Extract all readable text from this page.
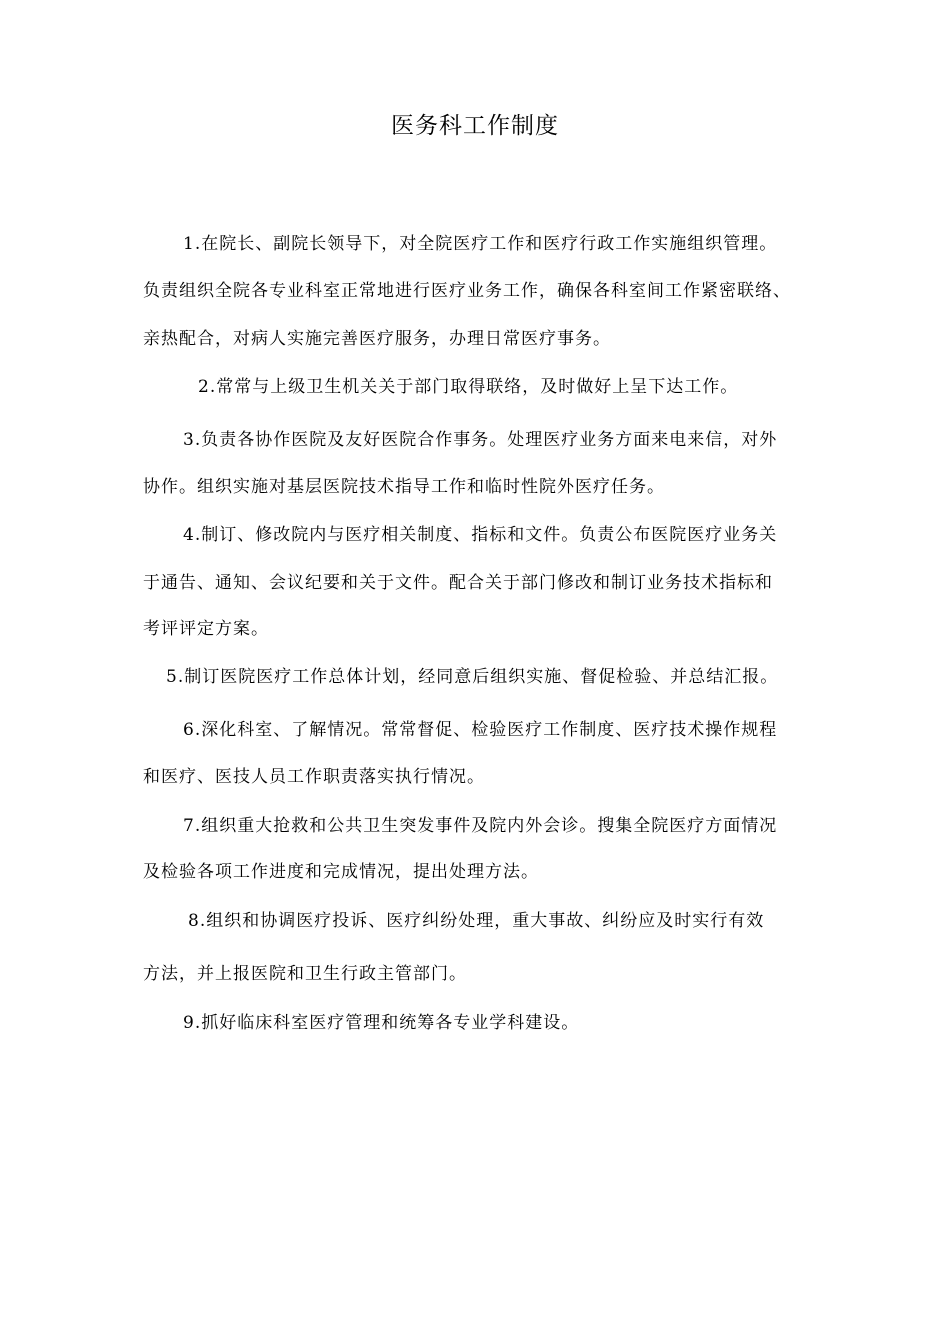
医务科工作制度
1.在院长、副院长领导下，对全院医疗工作和医疗行政工作实施组织管理。
负责组织全院各专业科室正常地进行医疗业务工作，确保各科室间工作紧密联络、
亲热配合，对病人实施完善医疗服务，办理日常医疗事务。
2.常常与上级卫生机关关于部门取得联络，及时做好上呈下达工作。
3.负责各协作医院及友好医院合作事务。处理医疗业务方面来电来信，对外
协作。组织实施对基层医院技术指导工作和临时性院外医疗任务。
4.制订、修改院内与医疗相关制度、指标和文件。负责公布医院医疗业务关
于通告、通知、会议纪要和关于文件。配合关于部门修改和制订业务技术指标和
考评评定方案。
5.制订医院医疗工作总体计划，经同意后组织实施、督促检验、并总结汇报。
6.深化科室、了解情况。常常督促、检验医疗工作制度、医疗技术操作规程
和医疗、医技人员工作职责落实执行情况。
7.组织重大抢救和公共卫生突发事件及院内外会诊。搜集全院医疗方面情况
及检验各项工作进度和完成情况，提出处理方法。
8.组织和协调医疗投诉、医疗纠纷处理，重大事故、纠纷应及时实行有效
方法，并上报医院和卫生行政主管部门。
9.抓好临床科室医疗管理和统筹各专业学科建设。
